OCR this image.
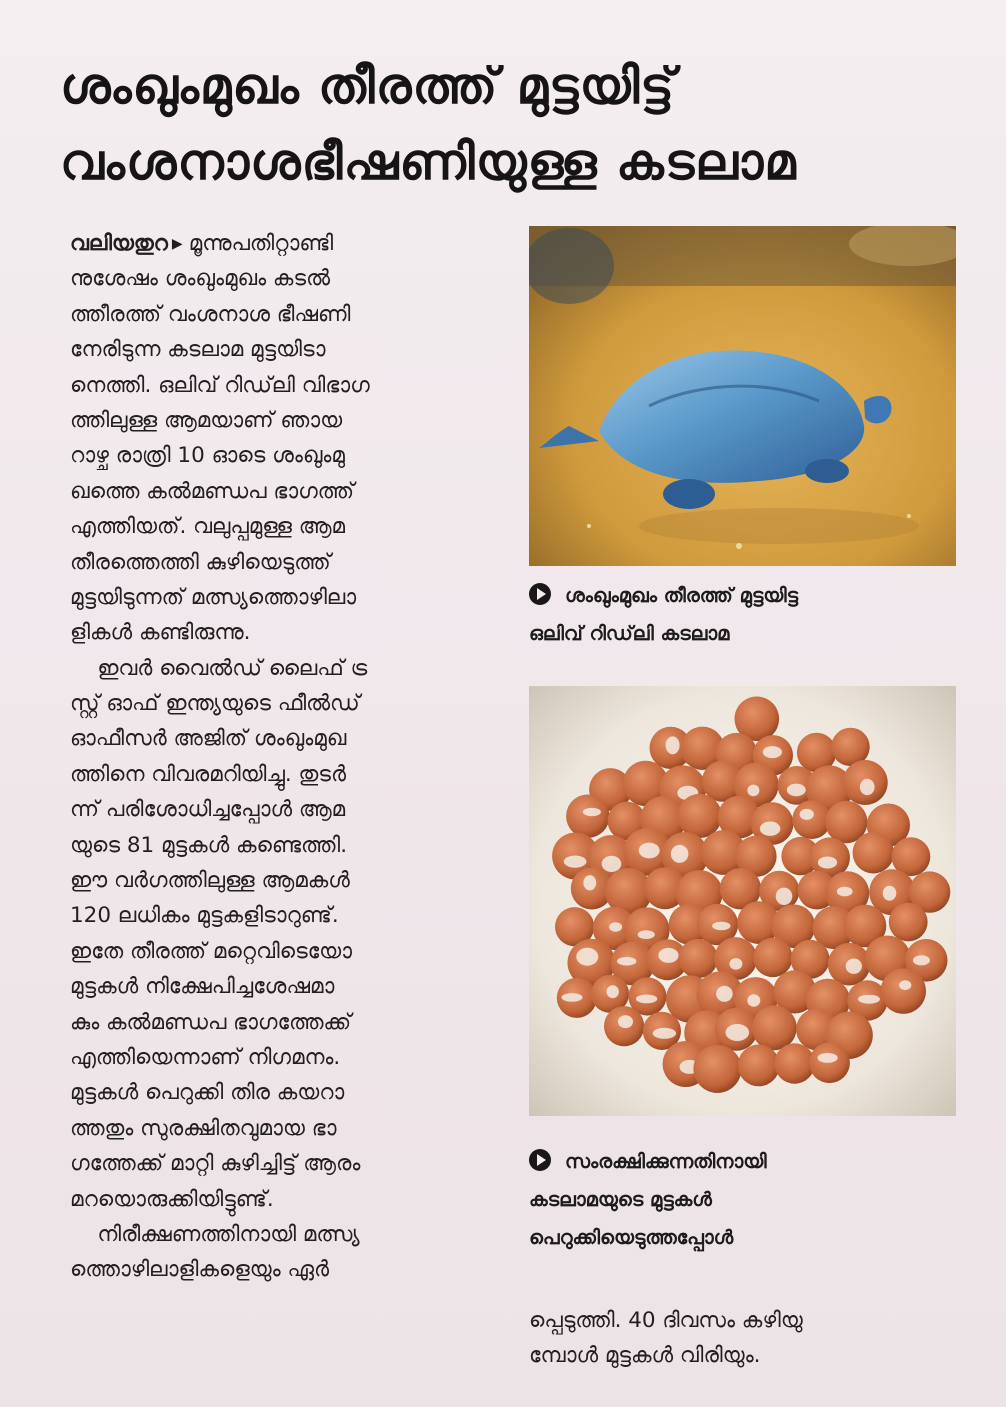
ശംഖുംമുഖം തീരത്ത് മുട്ടയിട്ട്
വംശനാശഭീഷണിയുള്ള കടലാമ
വലിയതുറ ▶ മൂന്നുപതിറ്റാണ്ടി
നുശേഷം ശംഖുംമുഖം കടൽ
ത്തീരത്ത് വംശനാശ ഭീഷണി
നേരിടുന്ന കടലാമ മുട്ടയിടാ
നെത്തി. ഒലിവ് റിഡ്‌ലി വിഭാഗ
ത്തിലുള്ള ആമയാണ് ഞായ
റാഴ്ച രാത്രി 10 ഓടെ ശംഖുംമു
ഖത്തെ കൽമണ്ഡപ ഭാഗത്ത്
എത്തിയത്. വലുപ്പമുള്ള ആമ
തീരത്തെത്തി കുഴിയെടുത്ത്
മുട്ടയിടുന്നത് മത്സ്യത്തൊഴിലാ
ളികൾ കണ്ടിരുന്നു.
ഇവർ വൈൽഡ് ലൈഫ് ട്ര
സ്റ്റ് ഓഫ് ഇന്ത്യയുടെ ഫീൽഡ്
ഓഫീസർ അജിത് ശംഖുംമുഖ
ത്തിനെ വിവരമറിയിച്ചു. തുടർ
ന്ന് പരിശോധിച്ചപ്പോൾ ആമ
യുടെ 81 മുട്ടകൾ കണ്ടെത്തി.
ഈ വർഗത്തിലുള്ള ആമകൾ
120 ലധികം മുട്ടകളിടാറുണ്ട്.
ഇതേ തീരത്ത് മറ്റെവിടെയോ
മുട്ടകൾ നിക്ഷേപിച്ചശേഷമാ
കും കൽമണ്ഡപ ഭാഗത്തേക്ക്
എത്തിയെന്നാണ് നിഗമനം.
മുട്ടകൾ പെറുക്കി തിര കയറാ
ത്തതും സുരക്ഷിതവുമായ ഭാ
ഗത്തേക്ക് മാറ്റി കുഴിച്ചിട്ട് ആരം
മറയൊരുക്കിയിട്ടുണ്ട്.
നിരീക്ഷണത്തിനായി മത്സ്യ
ത്തൊഴിലാളികളെയും ഏർ
ശംഖുംമുഖം തീരത്ത് മുട്ടയിട്ട
ഒലിവ് റിഡ്‌ലി കടലാമ
സംരക്ഷിക്കുന്നതിനായി
കടലാമയുടെ മുട്ടകൾ
പെറുക്കിയെടുത്തപ്പോൾ
പ്പെടുത്തി. 40 ദിവസം കഴിയു
മ്പോൾ മുട്ടകൾ വിരിയും.
